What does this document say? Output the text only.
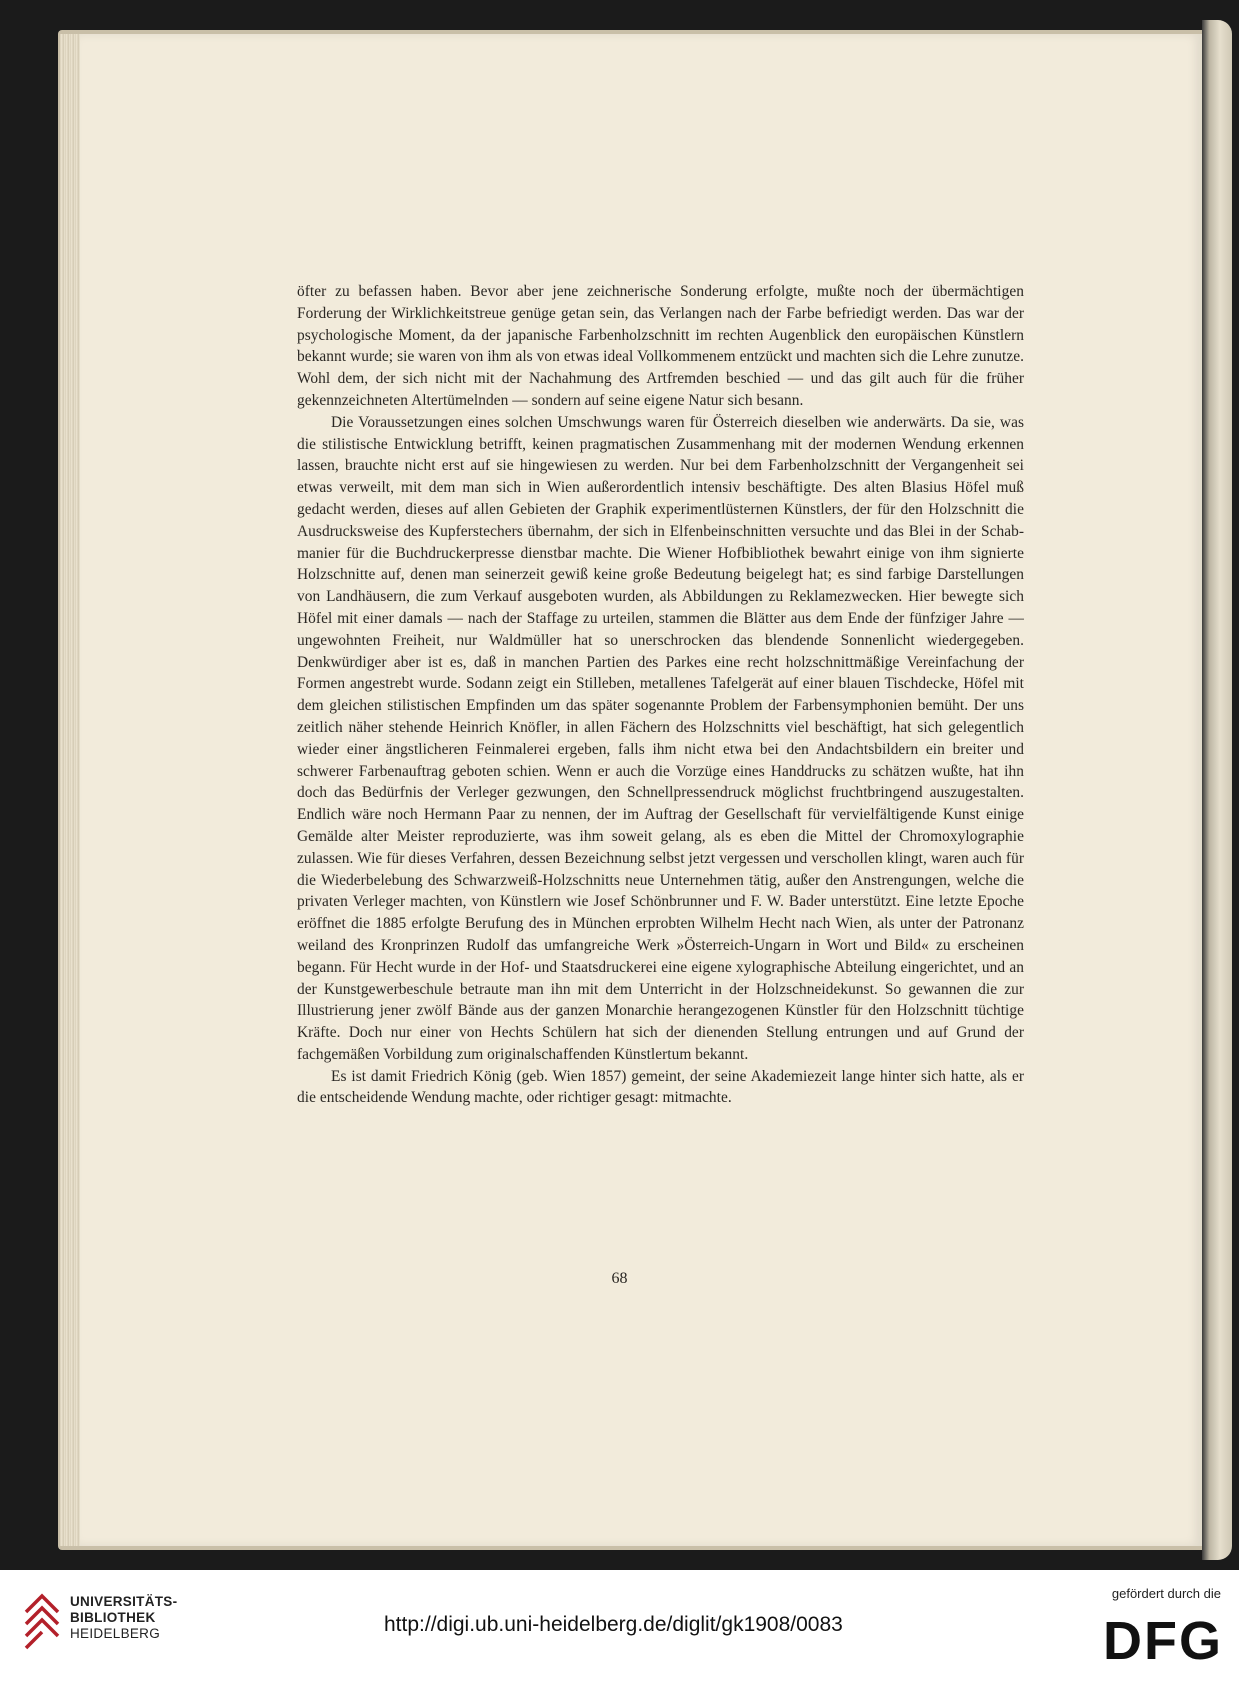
öfter zu befassen haben. Bevor aber jene zeichnerische Sonderung erfolgte, mußte noch der übermächtigen Forderung der Wirklichkeitstreue genüge getan sein, das Verlangen nach der Farbe befriedigt werden. Das war der psychologische Moment, da der japanische Farbenholzschnitt im rechten Augenblick den europäischen Künstlern bekannt wurde; sie waren von ihm als von etwas ideal Vollkommenem entzückt und machten sich die Lehre zunutze. Wohl dem, der sich nicht mit der Nachahmung des Artfremden beschied — und das gilt auch für die früher gekennzeichneten Altertümelnden — sondern auf seine eigene Natur sich besann.

Die Voraussetzungen eines solchen Umschwungs waren für Österreich dieselben wie anderwärts. Da sie, was die stilistische Entwicklung betrifft, keinen pragmatischen Zusammenhang mit der modernen Wendung erkennen lassen, brauchte nicht erst auf sie hingewiesen zu werden. Nur bei dem Farbenholzschnitt der Vergangenheit sei etwas verweilt, mit dem man sich in Wien außerordentlich intensiv beschäftigte. Des alten Blasius Höfel muß gedacht werden, dieses auf allen Gebieten der Graphik experimentlüsternen Künstlers, der für den Holzschnitt die Ausdrucksweise des Kupferstechers übernahm, der sich in Elfenbeinschnitten versuchte und das Blei in der Schabmanier für die Buchdruckerpresse dienstbar machte. Die Wiener Hofbibliothek bewahrt einige von ihm signierte Holzschnitte auf, denen man seinerzeit gewiß keine große Bedeutung beigelegt hat; es sind farbige Darstellungen von Landhäusern, die zum Verkauf ausgeboten wurden, als Abbildungen zu Reklamezwecken. Hier bewegte sich Höfel mit einer damals — nach der Staffage zu urteilen, stammen die Blätter aus dem Ende der fünfziger Jahre — ungewohnten Freiheit, nur Waldmüller hat so unerschrocken das blendende Sonnenlicht wiedergegeben. Denkwürdiger aber ist es, daß in manchen Partien des Parkes eine recht holzschnittmäßige Vereinfachung der Formen angestrebt wurde. Sodann zeigt ein Stilleben, metallenes Tafelgerät auf einer blauen Tischdecke, Höfel mit dem gleichen stilistischen Empfinden um das später sogenannte Problem der Farbensymphonien bemüht. Der uns zeitlich näher stehende Heinrich Knöfler, in allen Fächern des Holzschnitts viel beschäftigt, hat sich gelegentlich wieder einer ängstlicheren Feinmalerei ergeben, falls ihm nicht etwa bei den Andachtsbildern ein breiter und schwerer Farbenauftrag geboten schien. Wenn er auch die Vorzüge eines Handdrucks zu schätzen wußte, hat ihn doch das Bedürfnis der Verleger gezwungen, den Schnellpressendruck möglichst fruchtbringend auszugestalten. Endlich wäre noch Hermann Paar zu nennen, der im Auftrag der Gesellschaft für vervielfältigende Kunst einige Gemälde alter Meister reproduzierte, was ihm soweit gelang, als es eben die Mittel der Chromoxylographie zulassen. Wie für dieses Verfahren, dessen Bezeichnung selbst jetzt vergessen und verschollen klingt, waren auch für die Wiederbelebung des Schwarzweiß-Holzschnitts neue Unternehmen tätig, außer den Anstrengungen, welche die privaten Verleger machten, von Künstlern wie Josef Schönbrunner und F. W. Bader unterstützt. Eine letzte Epoche eröffnet die 1885 erfolgte Berufung des in München erprobten Wilhelm Hecht nach Wien, als unter der Patronanz weiland des Kronprinzen Rudolf das umfangreiche Werk »Österreich-Ungarn in Wort und Bild« zu erscheinen begann. Für Hecht wurde in der Hof- und Staatsdruckerei eine eigene xylographische Abteilung eingerichtet, und an der Kunstgewerbeschule betraute man ihn mit dem Unterricht in der Holzschneidekunst. So gewannen die zur Illustrierung jener zwölf Bände aus der ganzen Monarchie herangezogenen Künstler für den Holzschnitt tüchtige Kräfte. Doch nur einer von Hechts Schülern hat sich der dienenden Stellung entrungen und auf Grund der fachgemäßen Vorbildung zum originalschaffenden Künstlertum bekannt.

Es ist damit Friedrich König (geb. Wien 1857) gemeint, der seine Akademiezeit lange hinter sich hatte, als er die entscheidende Wendung machte, oder richtiger gesagt: mitmachte.

68
UNIVERSITÄTS-
BIBLIOTHEK
HEIDELBERG	http://digi.ub.uni-heidelberg.de/diglit/gk1908/0083
gefördert durch die
DFG
